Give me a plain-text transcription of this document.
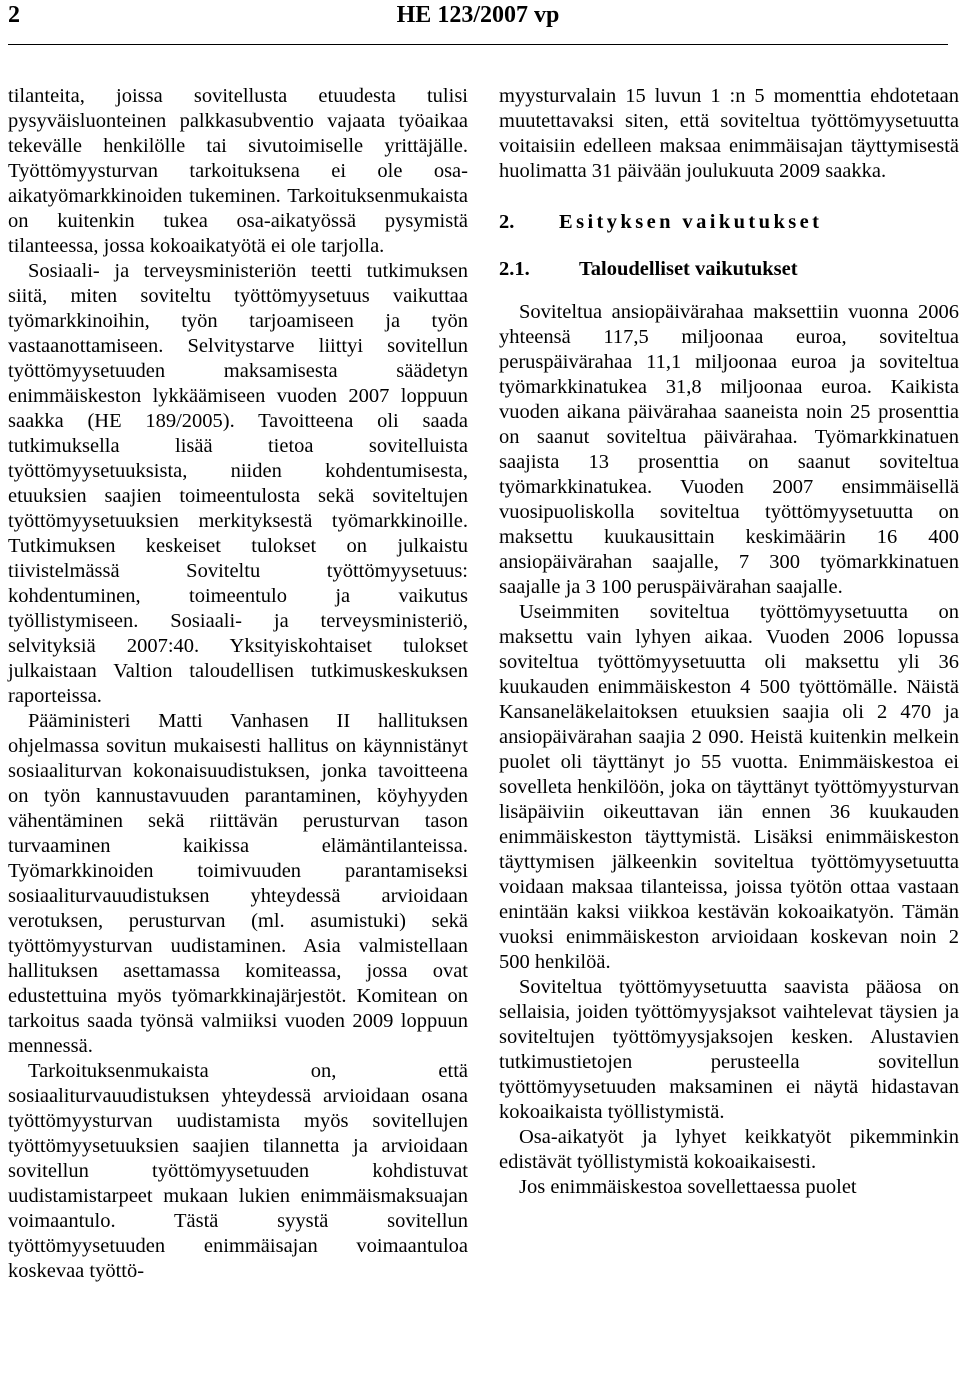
2	HE 123/2007 vp

tilanteita, joissa sovitellusta etuudesta tulisi pysyväisluonteinen palkkasubventio vajaata työaikaa tekevälle henkilölle tai sivutoimiselle yrittäjälle. Työttömyysturvan tarkoituksena ei ole osa-aikatyömarkkinoiden tukeminen. Tarkoituksenmukaista on kuitenkin tukea osa-aikatyössä pysymistä tilanteessa, jossa kokoaikatyötä ei ole tarjolla.

Sosiaali- ja terveysministeriön teetti tutkimuksen siitä, miten soviteltu työttömyysetuus vaikuttaa työmarkkinoihin, työn tarjoamiseen ja työn vastaanottamiseen. Selvitystarve liittyi sovitellun työttömyysetuuden maksamisesta säädetyn enimmäiskeston lykkäämiseen vuoden 2007 loppuun saakka (HE 189/2005). Tavoitteena oli saada tutkimuksella lisää tietoa sovitelluista työttömyysetuuksista, niiden kohdentumisesta, etuuksien saajien toimeentulosta sekä soviteltujen työttömyysetuuksien merkityksestä työmarkkinoille. Tutkimuksen keskeiset tulokset on julkaistu tiivistelmässä Soviteltu työttömyysetuus: kohdentuminen, toimeentulo ja vaikutus työllistymiseen. Sosiaali- ja terveysministeriö, selvityksiä 2007:40. Yksityiskohtaiset tulokset julkaistaan Valtion taloudellisen tutkimuskeskuksen raporteissa.

Pääministeri Matti Vanhasen II hallituksen ohjelmassa sovitun mukaisesti hallitus on käynnistänyt sosiaaliturvan kokonaisuudistuksen, jonka tavoitteena on työn kannustavuuden parantaminen, köyhyyden vähentäminen sekä riittävän perusturvan tason turvaaminen kaikissa elämäntilanteissa. Työmarkkinoiden toimivuuden parantamiseksi sosiaaliturvauudistuksen yhteydessä arvioidaan verotuksen, perusturvan (ml. asumistuki) sekä työttömyysturvan uudistaminen. Asia valmistellaan hallituksen asettamassa komiteassa, jossa ovat edustettuina myös työmarkkinajärjestöt. Komitean on tarkoitus saada työnsä valmiiksi vuoden 2009 loppuun mennessä.

Tarkoituksenmukaista on, että sosiaaliturvauudistuksen yhteydessä arvioidaan osana työttömyysturvan uudistamista myös sovitellujen työttömyysetuuksien saajien tilannetta ja arvioidaan sovitellun työttömyysetuuden kohdistuvat uudistamistarpeet mukaan lukien enimmäismaksuajan voimaantulo. Tästä syystä sovitellun työttömyysetuuden enimmäisajan voimaantuloa koskevaa työttö-

myysturvalain 15 luvun 1 :n 5 momenttia ehdotetaan muutettavaksi siten, että soviteltua työttömyysetuutta voitaisiin edelleen maksaa enimmäisajan täyttymisestä huolimatta 31 päivään joulukuuta 2009 saakka.

2.	Esityksen vaikutukset
2.1.	Taloudelliset vaikutukset

Soviteltua ansiopäivärahaa maksettiin vuonna 2006 yhteensä 117,5 miljoonaa euroa, soviteltua peruspäivärahaa 11,1 miljoonaa euroa ja soviteltua työmarkkinatukea 31,8 miljoonaa euroa. Kaikista vuoden aikana päivärahaa saaneista noin 25 prosenttia on saanut soviteltua päivärahaa. Työmarkkinatuen saajista 13 prosenttia on saanut soviteltua työmarkkinatukea. Vuoden 2007 ensimmäisellä vuosipuoliskolla soviteltua työttömyysetuutta on maksettu kuukausittain keskimäärin 16 400 ansiopäivärahan saajalle, 7 300 työmarkkinatuen saajalle ja 3 100 peruspäivärahan saajalle.

Useimmiten soviteltua työttömyysetuutta on maksettu vain lyhyen aikaa. Vuoden 2006 lopussa soviteltua työttömyysetuutta oli maksettu yli 36 kuukauden enimmäiskeston 4 500 työttömälle. Näistä Kansaneläkelaitoksen etuuksien saajia oli 2 470 ja ansiopäivärahan saajia 2 090. Heistä kuitenkin melkein puolet oli täyttänyt jo 55 vuotta. Enimmäiskestoa ei sovelleta henkilöön, joka on täyttänyt työttömyysturvan lisäpäiviin oikeuttavan iän ennen 36 kuukauden enimmäiskeston täyttymistä. Lisäksi enimmäiskeston täyttymisen jälkeenkin soviteltua työttömyysetuutta voidaan maksaa tilanteissa, joissa työtön ottaa vastaan enintään kaksi viikkoa kestävän kokoaikatyön. Tämän vuoksi enimmäiskeston arvioidaan koskevan noin 2 500 henkilöä.

Soviteltua työttömyysetuutta saavista pääosa on sellaisia, joiden työttömyysjaksot vaihtelevat täysien ja soviteltujen työttömyysjaksojen kesken. Alustavien tutkimustietojen perusteella sovitellun työttömyysetuuden maksaminen ei näytä hidastavan kokoaikaista työllistymistä.

Osa-aikatyöt ja lyhyet keikkatyöt pikemminkin edistävät työllistymistä kokoaikaisesti.

Jos enimmäiskestoa sovellettaessa puolet
